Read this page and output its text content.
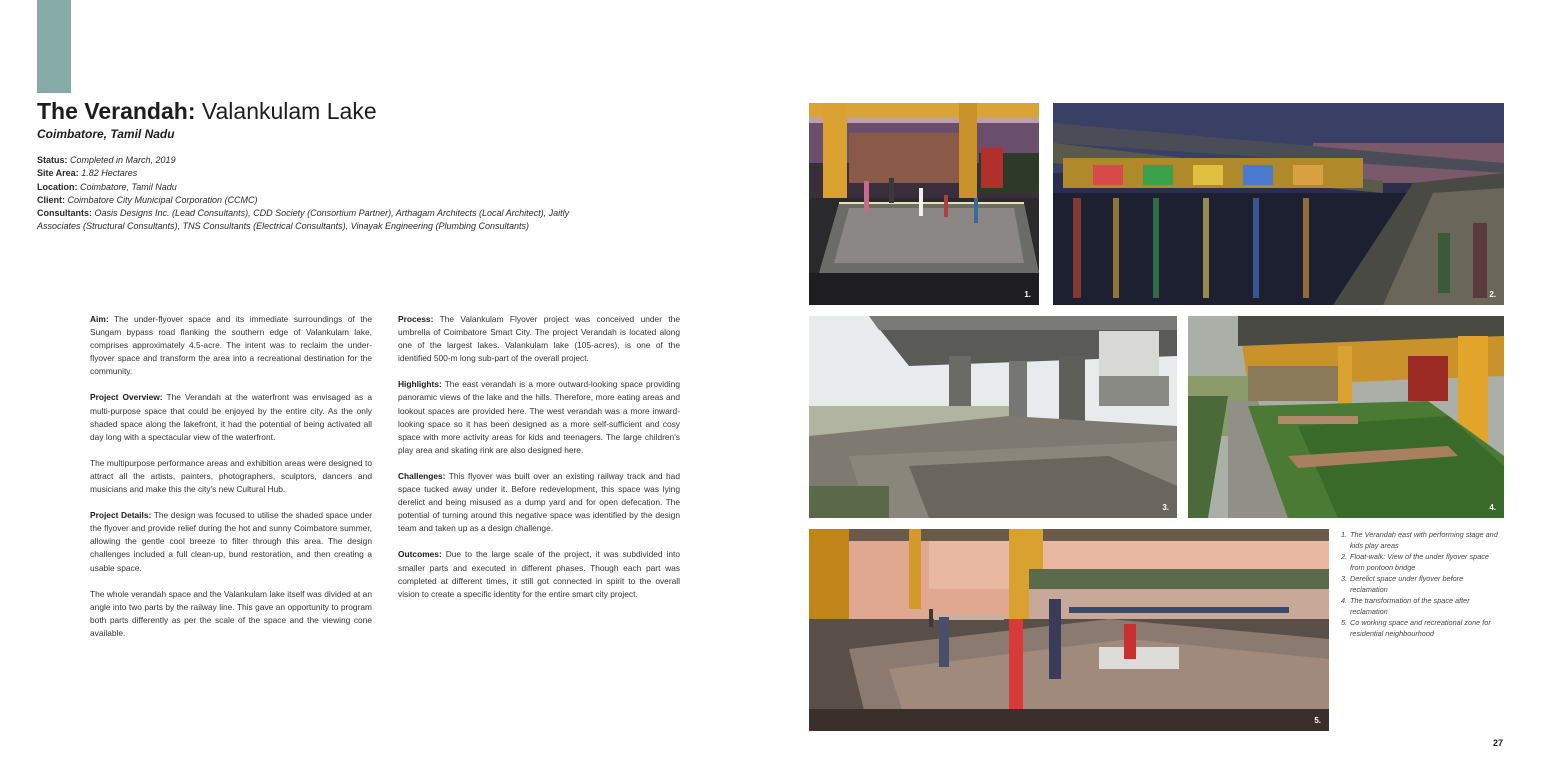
The Verandah: Valankulam Lake
Coimbatore, Tamil Nadu
Status: Completed in March, 2019
Site Area: 1.82 Hectares
Location: Coimbatore, Tamil Nadu
Client: Coimbatore City Municipal Corporation (CCMC)
Consultants: Oasis Designs Inc. (Lead Consultants), CDD Society (Consortium Partner), Arthagam Architects (Local Architect), Jaitly Associates (Structural Consultants), TNS Consultants (Electrical Consultants), Vinayak Engineering (Plumbing Consultants)

Aim: The under-flyover space and its immediate surroundings of the Sungam bypass road flanking the southern edge of Valankulam lake, comprises approximately 4.5-acre. The intent was to reclaim the under-flyover space and transform the area into a recreational destination for the community.

Project Overview: The Verandah at the waterfront was envisaged as a multi-purpose space that could be enjoyed by the entire city. As the only shaded space along the lakefront, it had the potential of being activated all day long with a spectacular view of the waterfront.

The multipurpose performance areas and exhibition areas were designed to attract all the artists, painters, photographers, sculptors, dancers and musicians and make this the city's new Cultural Hub.

Project Details: The design was focused to utilise the shaded space under the flyover and provide relief during the hot and sunny Coimbatore summer, allowing the gentle cool breeze to filter through this area. The design challenges included a full clean-up, bund restoration, and then creating a usable space.

The whole verandah space and the Valankulam lake itself was divided at an angle into two parts by the railway line. This gave an opportunity to program both parts differently as per the scale of the space and the viewing cone available.

Process: The Valankulam Flyover project was conceived under the umbrella of Coimbatore Smart City. The project Verandah is located along one of the largest lakes. Valankulam lake (105-acres), is one of the identified 500-m long sub-part of the overall project.

Highlights: The east verandah is a more outward-looking space providing panoramic views of the lake and the hills. Therefore, more eating areas and lookout spaces are provided here. The west verandah was a more inward-looking space so it has been designed as a more self-sufficient and cosy space with more activity areas for kids and teenagers. The large children's play area and skating rink are also designed here.

Challenges: This flyover was built over an existing railway track and had space tucked away under it. Before redevelopment, this space was lying derelict and being misused as a dump yard and for open defecation. The potential of turning around this negative space was identified by the design team and taken up as a design challenge.

Outcomes: Due to the large scale of the project, it was subdivided into smaller parts and executed in different phases. Though each part was completed at different times, it still got connected in spirit to the overall vision to create a specific identity for the entire smart city project.

1.	2.
3.	4.
5.
1. The Verandah east with performing stage and kids play areas
2. Float-walk: View of the under flyover space from pontoon bridge
3. Derelict space under flyover before reclamation
4. The transformation of the space after reclamation
5. Co working space and recreational zone for residential neighbourhood
27
